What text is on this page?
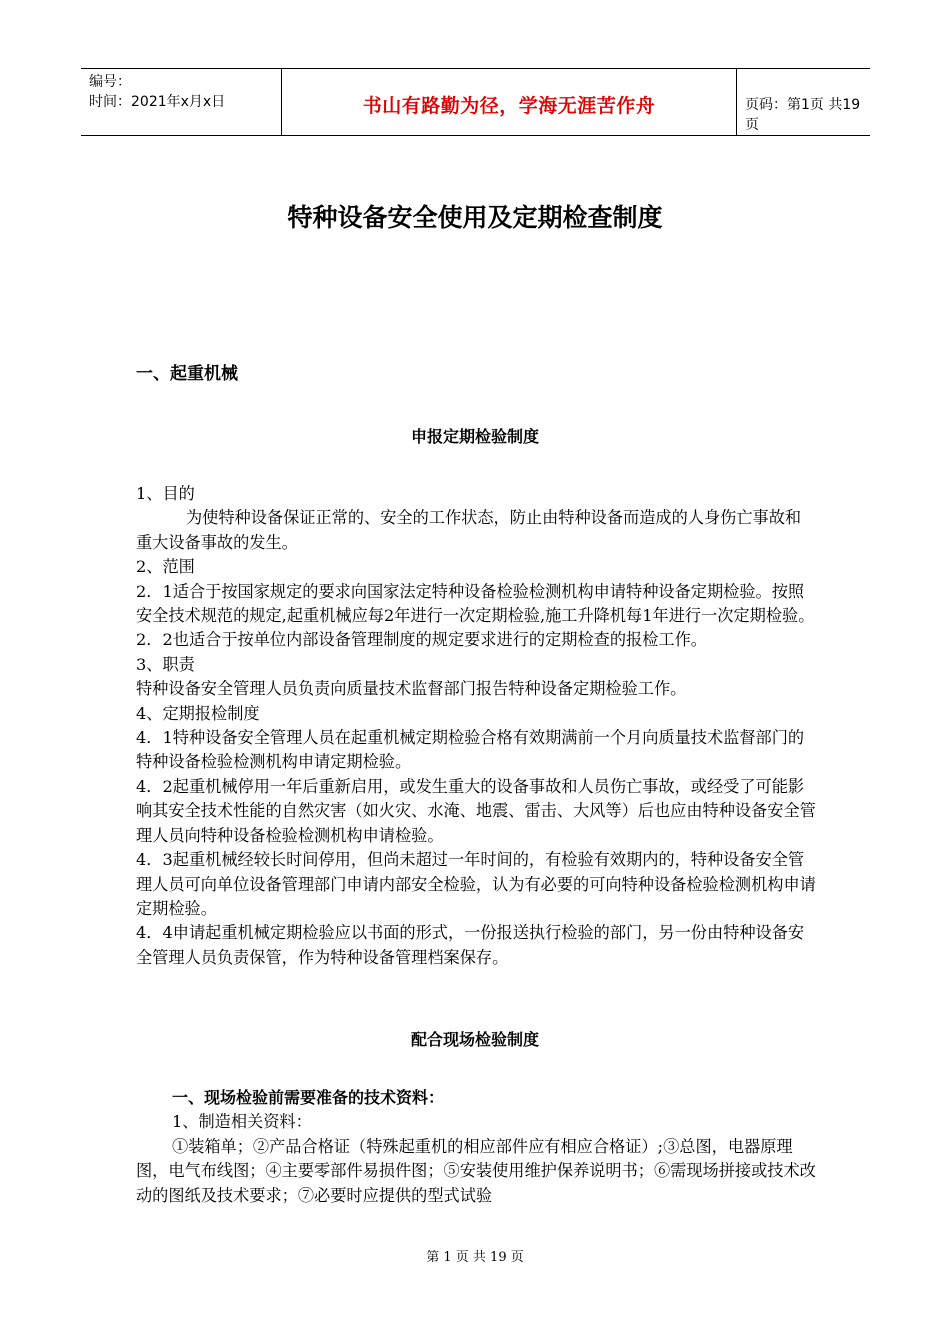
编号：
时间：2021年x月x日	书山有路勤为径，学海无涯苦作舟	页码：第1页 共19页
特种设备安全使用及定期检查制度
一、起重机械
申报定期检验制度

1、目的

为使特种设备保证正常的、安全的工作状态，防止由特种设备而造成的人身伤亡事故和重大设备事故的发生。

2、范围

2．1适合于按国家规定的要求向国家法定特种设备检验检测机构申请特种设备定期检验。按照安全技术规范的规定,起重机械应每2年进行一次定期检验,施工升降机每1年进行一次定期检验。

2．2也适合于按单位内部设备管理制度的规定要求进行的定期检查的报检工作。

3、职责

特种设备安全管理人员负责向质量技术监督部门报告特种设备定期检验工作。

4、定期报检制度

4．1特种设备安全管理人员在起重机械定期检验合格有效期满前一个月向质量技术监督部门的特种设备检验检测机构申请定期检验。

4．2起重机械停用一年后重新启用，或发生重大的设备事故和人员伤亡事故，或经受了可能影响其安全技术性能的自然灾害（如火灾、水淹、地震、雷击、大风等）后也应由特种设备安全管理人员向特种设备检验检测机构申请检验。

4．3起重机械经较长时间停用，但尚未超过一年时间的，有检验有效期内的，特种设备安全管理人员可向单位设备管理部门申请内部安全检验，认为有必要的可向特种设备检验检测机构申请定期检验。

4．4申请起重机械定期检验应以书面的形式，一份报送执行检验的部门，另一份由特种设备安全管理人员负责保管，作为特种设备管理档案保存。

配合现场检验制度

一、现场检验前需要准备的技术资料：

1、制造相关资料：

①装箱单；②产品合格证（特殊起重机的相应部件应有相应合格证）;③总图，电器原理图，电气布线图；④主要零部件易损件图；⑤安装使用维护保养说明书；⑥需现场拼接或技术改动的图纸及技术要求；⑦必要时应提供的型式试验

第 1 页 共 19 页
